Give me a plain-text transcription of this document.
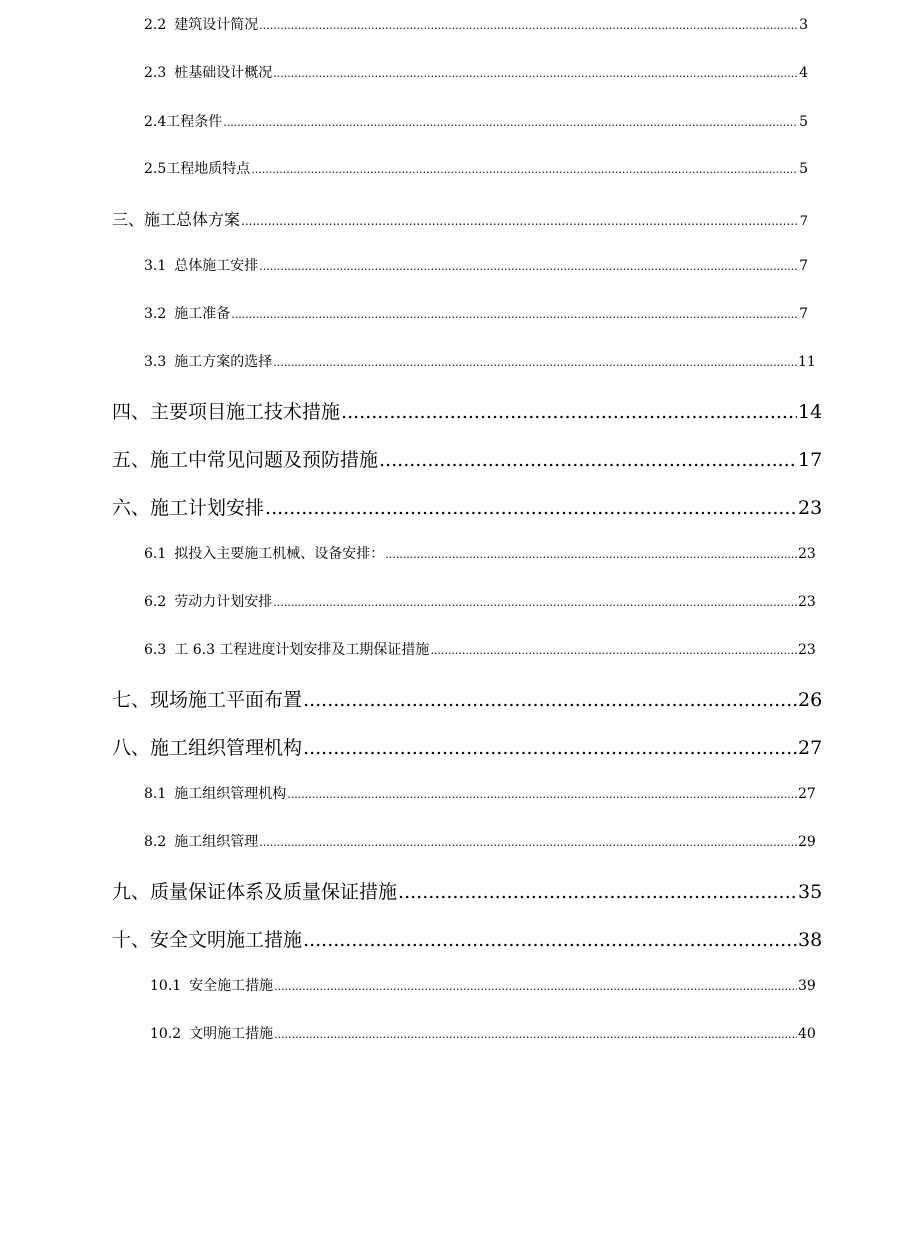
2.2 建筑设计简况 .....	3
2.3 桩基础设计概况 .....	4
2.4 工程条件 .....	5
2.5 工程地质特点 .....	5
三、 施工总体方案 .....	7
3.1 总体施工安排 .....	7
3.2 施工准备 .....	7
3.3 施工方案的选择 .....	11
四、 主要项目施工技术措施 .....	14
五、 施工中常见问题及预防措施 .....	17
六、 施工计划安排 .....	23
6.1 拟投入主要施工机械、设备安排： .....	23
6.2 劳动力计划安排 .....	23
6.3 工 6.3 工程进度计划安排及工期保证措施 .....	23
七、 现场施工平面布置 .....	26
八、 施工组织管理机构 .....	27
8.1 施工组织管理机构 .....	27
8.2 施工组织管理 .....	29
九、 质量保证体系及质量保证措施 .....	35
十、 安全文明施工措施 .....	38
10.1 安全施工措施 .....	39
10.2 文明施工措施 .....	40
